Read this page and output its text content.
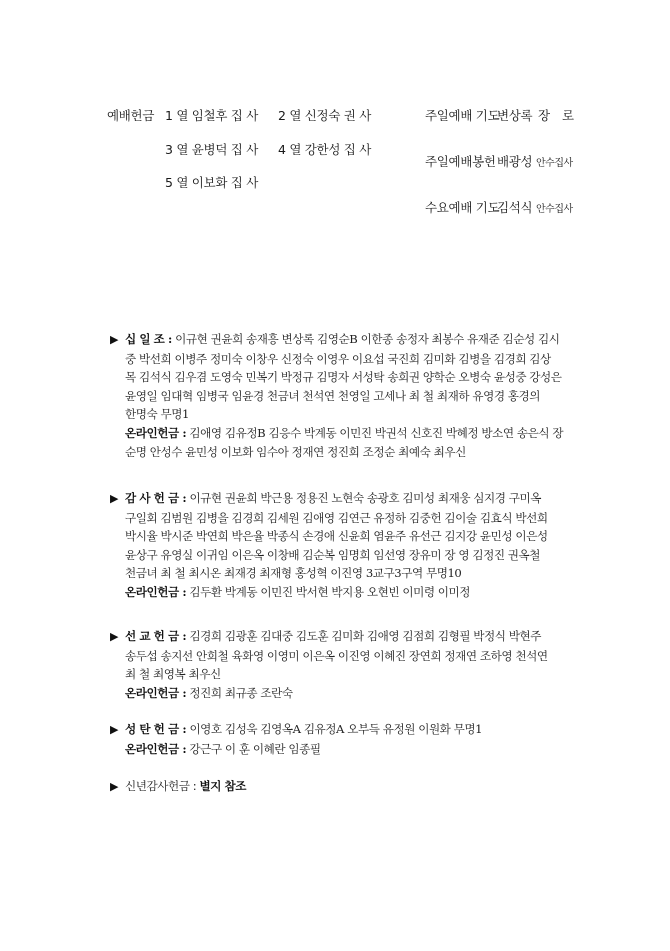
예배헌금 1 열 임철후 집 사 2 열 신정숙 권 사
3 열 윤병덕 집 사 4 열 강한성 집 사
5 열 이보화 집 사
주일예배 기도
변상록 장 로
주일예배봉헌 배광성 안수집사
수요예배 기도
김석식 안수집사
▶ 십 일 조 : 이규현 권윤희 송재흥 변상록 김영순B 이한종 송정자 최봉수 유재준 김순성 김시
중 박선희 이병주 정미숙 이창우 신정숙 이영우 이요섭 국진희 김미화 김병을 김경희 김상
목 김석식 김우겸 도영숙 민복기 박정규 김명자 서성탁 송희권 양학순 오병숙 윤성중 강성은
윤영일 임대혁 임병국 임윤경 천금녀 천석연 천영일 고세나 최 철 최재하 유영경 홍경의
한명숙 무명1
온라인헌금 : 김애영 김유정B 김응수 박계동 이민진 박권석 신호진 박혜정 방소연 송은식 장
순명 안성수 윤민성 이보화 임수아 정재연 정진희 조정순 최예숙 최우신
▶ 감 사 헌 금 : 이규현 권윤희 박근용 정용진 노현숙 송광호 김미성 최재웅 심지경 구미옥
구일회 김범원 김병을 김경희 김세원 김애영 김연근 유정하 김중헌 김이술 김효식 박선희
박시율 박시준 박연희 박은율 박종식 손경애 신윤희 염윤주 유선근 김지강 윤민성 이은성
윤상구 유영실 이귀임 이은옥 이창배 김순복 임명희 임선영 장유미 장 영 김정진 권옥철
천금녀 최 철 최시온 최재경 최재형 홍성혁 이진영 3교구3구역 무명10
온라인헌금 : 김두환 박계동 이민진 박서현 박지용 오현빈 이미령 이미정
▶ 선 교 헌 금 : 김경희 김광훈 김대중 김도훈 김미화 김애영 김점희 김형필 박정식 박현주
송두섭 송지선 안희철 육화영 이영미 이은옥 이진영 이혜진 장연희 정재연 조하영 천석연
최 철 최영복 최우신
온라인헌금 : 정진희 최규종 조란숙
▶ 성 탄 헌 금 : 이영호 김성욱 김영옥A 김유정A 오부득 유정원 이원화 무명1
온라인헌금 : 강근구 이 훈 이혜란 임종필
▶ 신년감사헌금 : 별지 참조
